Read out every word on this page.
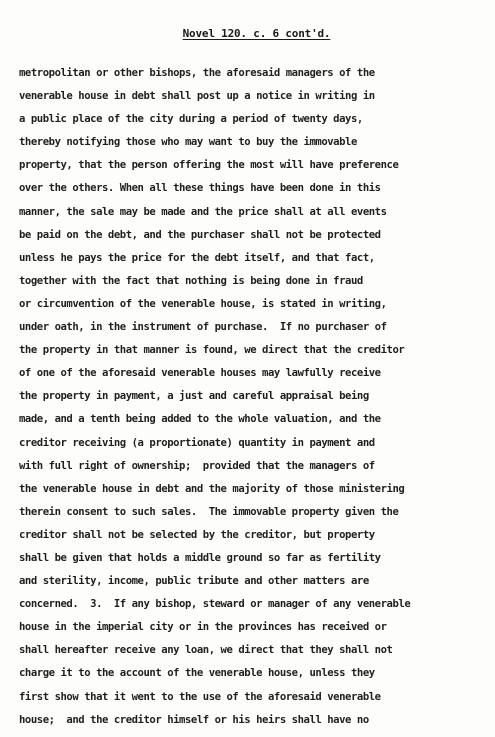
Novel 120. c. 6 cont'd.
metropolitan or other bishops, the aforesaid managers of the
venerable house in debt shall post up a notice in writing in
a public place of the city during a period of twenty days,
thereby notifying those who may want to buy the immovable
property, that the person offering the most will have preference
over the others. When all these things have been done in this
manner, the sale may be made and the price shall at all events
be paid on the debt, and the purchaser shall not be protected
unless he pays the price for the debt itself, and that fact,
together with the fact that nothing is being done in fraud
or circumvention of the venerable house, is stated in writing,
under oath, in the instrument of purchase.  If no purchaser of
the property in that manner is found, we direct that the creditor
of one of the aforesaid venerable houses may lawfully receive
the property in payment, a just and careful appraisal being
made, and a tenth being added to the whole valuation, and the
creditor receiving (a proportionate) quantity in payment and
with full right of ownership;  provided that the managers of
the venerable house in debt and the majority of those ministering
therein consent to such sales.  The immovable property given the
creditor shall not be selected by the creditor, but property
shall be given that holds a middle ground so far as fertility
and sterility, income, public tribute and other matters are
concerned.  3.  If any bishop, steward or manager of any venerable
house in the imperial city or in the provinces has received or
shall hereafter receive any loan, we direct that they shall not
charge it to the account of the venerable house, unless they
first show that it went to the use of the aforesaid venerable
house;  and the creditor himself or his heirs shall have no
